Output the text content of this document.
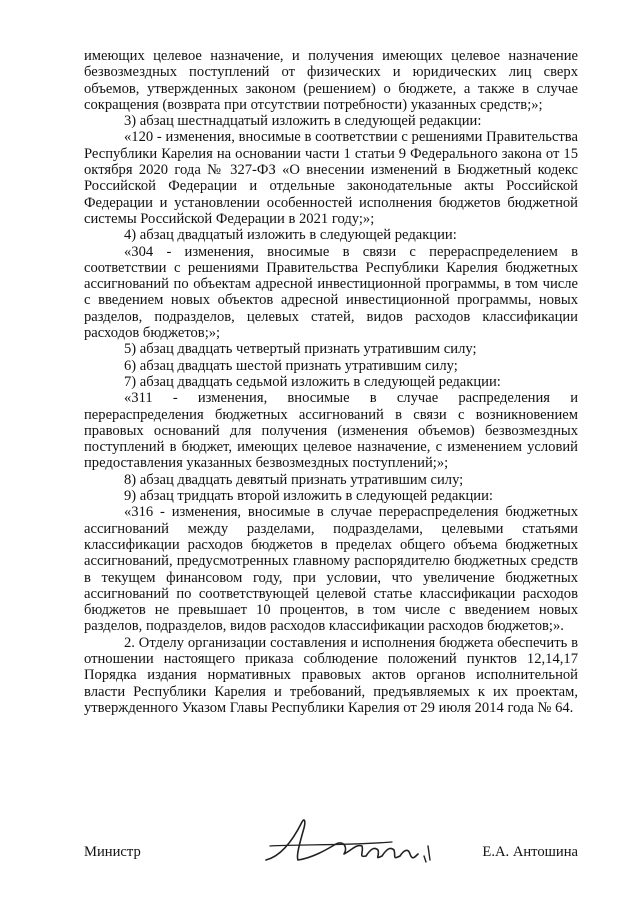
имеющих целевое назначение, и получения имеющих целевое назначение безвозмездных поступлений от физических и юридических лиц сверх объемов, утвержденных законом (решением) о бюджете, а также в случае сокращения (возврата при отсутствии потребности) указанных средств;»;

3) абзац шестнадцатый изложить в следующей редакции:

«120 - изменения, вносимые в соответствии с решениями Правительства Республики Карелия на основании части 1 статьи 9 Федерального закона от 15 октября 2020 года № 327-ФЗ «О внесении изменений в Бюджетный кодекс Российской Федерации и отдельные законодательные акты Российской Федерации и установлении особенностей исполнения бюджетов бюджетной системы Российской Федерации в 2021 году;»;

4) абзац двадцатый изложить в следующей редакции:

«304 - изменения, вносимые в связи с перераспределением в соответствии с решениями Правительства Республики Карелия бюджетных ассигнований по объектам адресной инвестиционной программы, в том числе с введением новых объектов адресной инвестиционной программы, новых разделов, подразделов, целевых статей, видов расходов классификации расходов бюджетов;»;

5) абзац двадцать четвертый признать утратившим силу;

6) абзац двадцать шестой признать утратившим силу;

7) абзац двадцать седьмой изложить в следующей редакции:

«311 - изменения, вносимые в случае распределения и перераспределения бюджетных ассигнований в связи с возникновением правовых оснований для получения (изменения объемов) безвозмездных поступлений в бюджет, имеющих целевое назначение, с изменением условий предоставления указанных безвозмездных поступлений;»;

8) абзац двадцать девятый признать утратившим силу;

9) абзац тридцать второй изложить в следующей редакции:

«316 - изменения, вносимые в случае перераспределения бюджетных ассигнований между разделами, подразделами, целевыми статьями классификации расходов бюджетов в пределах общего объема бюджетных ассигнований, предусмотренных главному распорядителю бюджетных средств в текущем финансовом году, при условии, что увеличение бюджетных ассигнований по соответствующей целевой статье классификации расходов бюджетов не превышает 10 процентов, в том числе с введением новых разделов, подразделов, видов расходов классификации расходов бюджетов;».

2. Отделу организации составления и исполнения бюджета обеспечить в отношении настоящего приказа соблюдение положений пунктов 12,14,17 Порядка издания нормативных правовых актов органов исполнительной власти Республики Карелия и требований, предъявляемых к их проектам, утвержденного Указом Главы Республики Карелия от 29 июля 2014 года № 64.

Министр	Е.А. Антошина
